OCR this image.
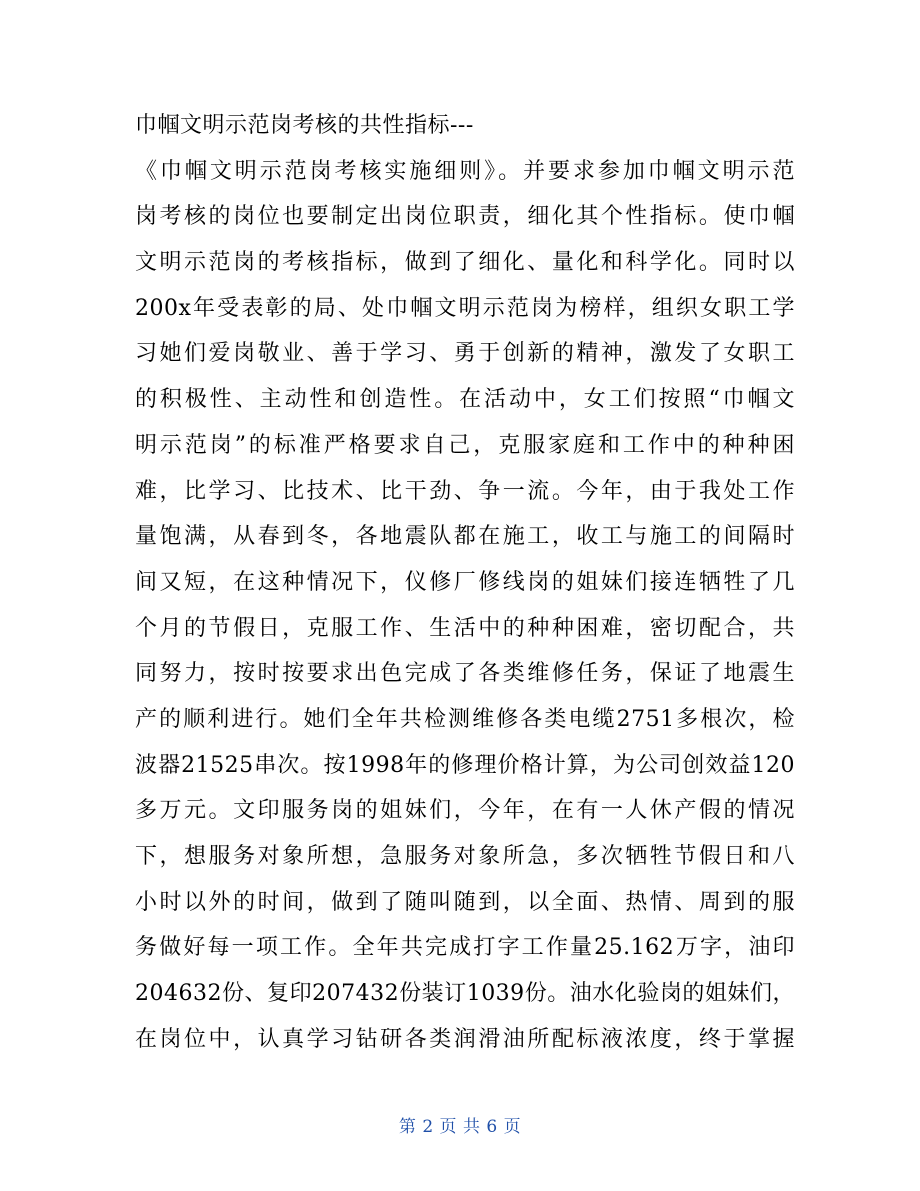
巾帼文明示范岗考核的共性指标---
《巾帼文明示范岗考核实施细则》。并要求参加巾帼文明示范
岗考核的岗位也要制定出岗位职责，细化其个性指标。使巾帼
文明示范岗的考核指标，做到了细化、量化和科学化。同时以
200x年受表彰的局、处巾帼文明示范岗为榜样，组织女职工学
习她们爱岗敬业、善于学习、勇于创新的精神，激发了女职工
的积极性、主动性和创造性。在活动中，女工们按照“巾帼文
明示范岗”的标准严格要求自己，克服家庭和工作中的种种困
难，比学习、比技术、比干劲、争一流。今年，由于我处工作
量饱满，从春到冬，各地震队都在施工，收工与施工的间隔时
间又短，在这种情况下，仪修厂修线岗的姐妹们接连牺牲了几
个月的节假日，克服工作、生活中的种种困难，密切配合，共
同努力，按时按要求出色完成了各类维修任务，保证了地震生
产的顺利进行。她们全年共检测维修各类电缆2751多根次，检
波器21525串次。按1998年的修理价格计算，为公司创效益120
多万元。文印服务岗的姐妹们，今年，在有一人休产假的情况
下，想服务对象所想，急服务对象所急，多次牺牲节假日和八
小时以外的时间，做到了随叫随到，以全面、热情、周到的服
务做好每一项工作。全年共完成打字工作量25.162万字，油印
204632份、复印207432份装订1039份。油水化验岗的姐妹们，
在岗位中，认真学习钻研各类润滑油所配标液浓度，终于掌握
第 2 页 共 6 页
